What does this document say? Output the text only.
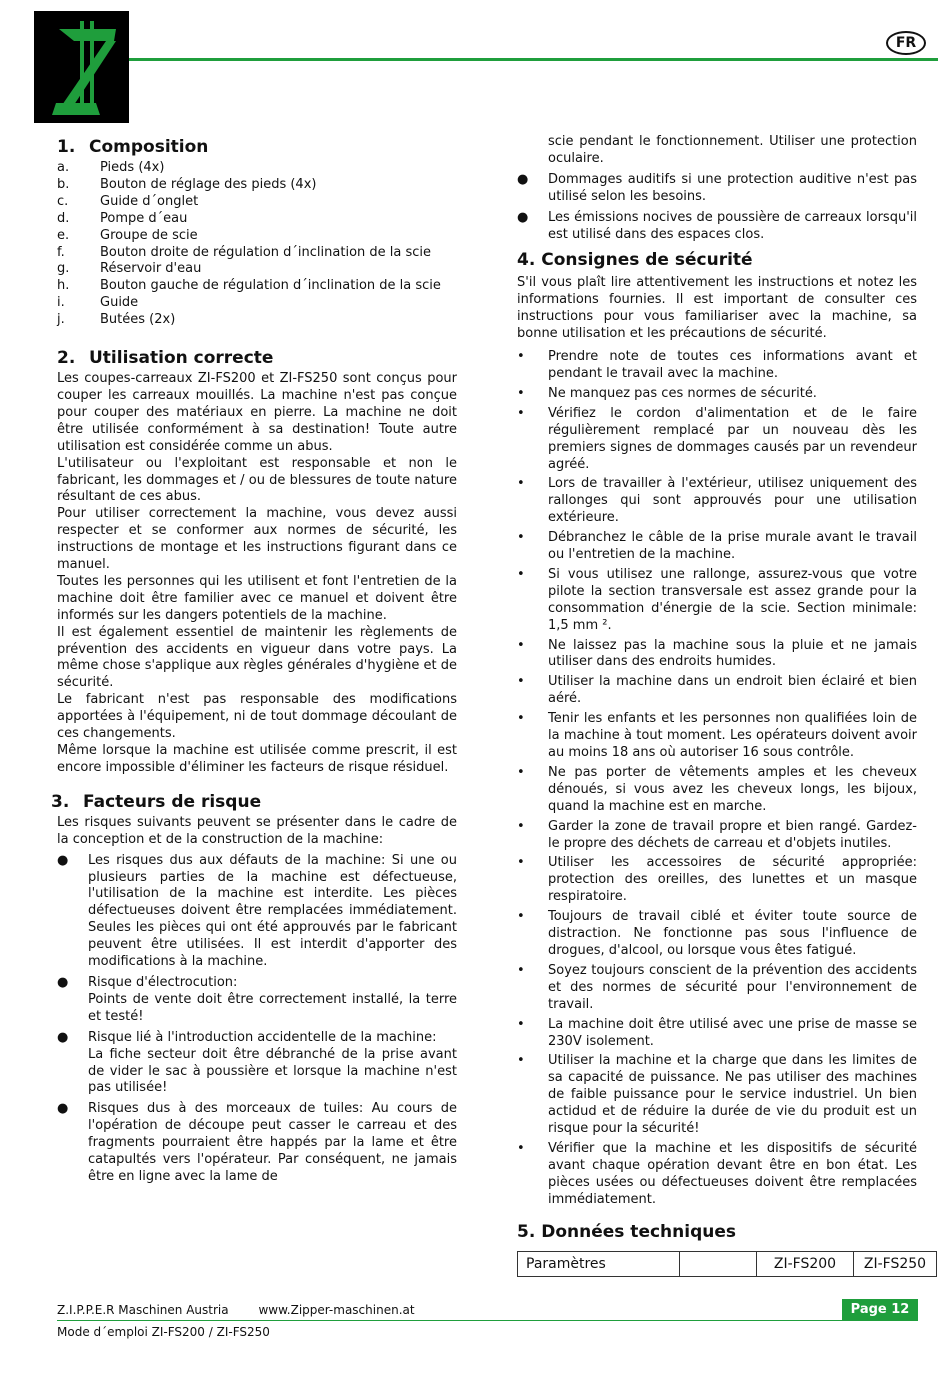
FR
1. Composition
a.	Pieds (4x)
b.	Bouton de réglage des pieds (4x)
c.	Guide d´onglet
d.	Pompe d´eau
e.	Groupe de scie
f.	Bouton droite de régulation d´inclination de la scie
g.	Réservoir d'eau
h.	Bouton gauche de régulation d´inclination de la scie
i.	Guide
j.	Butées (2x)
2. Utilisation correcte

Les coupes-carreaux ZI-FS200 et ZI-FS250 sont conçus pour couper les carreaux mouillés. La machine n'est pas conçue pour couper des matériaux en pierre. La machine ne doit être utilisée conformément à sa destination! Toute autre utilisation est considérée comme un abus.

L'utilisateur ou l'exploitant est responsable et non le fabricant, les dommages et / ou de blessures de toute nature résultant de ces abus.

Pour utiliser correctement la machine, vous devez aussi respecter et se conformer aux normes de sécurité, les instructions de montage et les instructions figurant dans ce manuel.

Toutes les personnes qui les utilisent et font l'entretien de la machine doit être familier avec ce manuel et doivent être informés sur les dangers potentiels de la machine.

Il est également essentiel de maintenir les règlements de prévention des accidents en vigueur dans votre pays. La même chose s'applique aux règles générales d'hygiène et de sécurité.

Le fabricant n'est pas responsable des modifications apportées à l'équipement, ni de tout dommage découlant de ces changements.

Même lorsque la machine est utilisée comme prescrit, il est encore impossible d'éliminer les facteurs de risque résiduel.

3. Facteurs de risque

Les risques suivants peuvent se présenter dans le cadre de la conception et de la construction de la machine:

●	Les risques dus aux défauts de la machine: Si une ou plusieurs parties de la machine est défectueuse, l'utilisation de la machine est interdite. Les pièces défectueuses doivent être remplacées immédiatement. Seules les pièces qui ont été approuvés par le fabricant peuvent être utilisées. Il est interdit d'apporter des modifications à la machine.
●	Risque d'électrocution:
Points de vente doit être correctement installé, la terre et testé!
●	Risque lié à l'introduction accidentelle de la machine:
La fiche secteur doit être débranché de la prise avant de vider le sac à poussière et lorsque la machine n'est pas utilisée!
●	Risques dus à des morceaux de tuiles: Au cours de l'opération de découpe peut casser le carreau et des fragments pourraient être happés par la lame et être catapultés vers l'opérateur. Par conséquent, ne jamais être en ligne avec la lame de
scie pendant le fonctionnement. Utiliser une protection oculaire.
●	Dommages auditifs si une protection auditive n'est pas utilisé selon les besoins.
●	Les émissions nocives de poussière de carreaux lorsqu'il est utilisé dans des espaces clos.
4. Consignes de sécurité

S'il vous plaît lire attentivement les instructions et notez les informations fournies. Il est important de consulter ces instructions pour vous familiariser avec la machine, sa bonne utilisation et les précautions de sécurité.

•	Prendre note de toutes ces informations avant et pendant le travail avec la machine.
•	Ne manquez pas ces normes de sécurité.
•	Vérifiez le cordon d'alimentation et de le faire régulièrement remplacé par un nouveau dès les premiers signes de dommages causés par un revendeur agréé.
•	Lors de travailler à l'extérieur, utilisez uniquement des rallonges qui sont approuvés pour une utilisation extérieure.
•	Débranchez le câble de la prise murale avant le travail ou l'entretien de la machine.
•	Si vous utilisez une rallonge, assurez-vous que votre pilote la section transversale est assez grande pour la consommation d'énergie de la scie. Section minimale: 1,5 mm ².
•	Ne laissez pas la machine sous la pluie et ne jamais utiliser dans des endroits humides.
•	Utiliser la machine dans un endroit bien éclairé et bien aéré.
•	Tenir les enfants et les personnes non qualifiées loin de la machine à tout moment. Les opérateurs doivent avoir au moins 18 ans où autoriser 16 sous contrôle.
•	Ne pas porter de vêtements amples et les cheveux dénoués, si vous avez les cheveux longs, les bijoux, quand la machine est en marche.
•	Garder la zone de travail propre et bien rangé. Gardez-le propre des déchets de carreau et d'objets inutiles.
•	Utiliser les accessoires de sécurité appropriée: protection des oreilles, des lunettes et un masque respiratoire.
•	Toujours de travail ciblé et éviter toute source de distraction. Ne fonctionne pas sous l'influence de drogues, d'alcool, ou lorsque vous êtes fatigué.
•	Soyez toujours conscient de la prévention des accidents et des normes de sécurité pour l'environnement de travail.
•	La machine doit être utilisé avec une prise de masse se 230V isolement.
•	Utiliser la machine et la charge que dans les limites de sa capacité de puissance. Ne pas utiliser des machines de faible puissance pour le service industriel. Un bien actidud et de réduire la durée de vie du produit est un risque pour la sécurité!
•	Vérifier que la machine et les dispositifs de sécurité avant chaque opération devant être en bon état. Les pièces usées ou défectueuses doivent être remplacées immédiatement.
5. Données techniques
Paramètres		ZI-FS200	ZI-FS250
Z.I.P.P.E.R Maschinen Austria www.Zipper-maschinen.at	Page 12
Mode d´emploi ZI-FS200 / ZI-FS250
